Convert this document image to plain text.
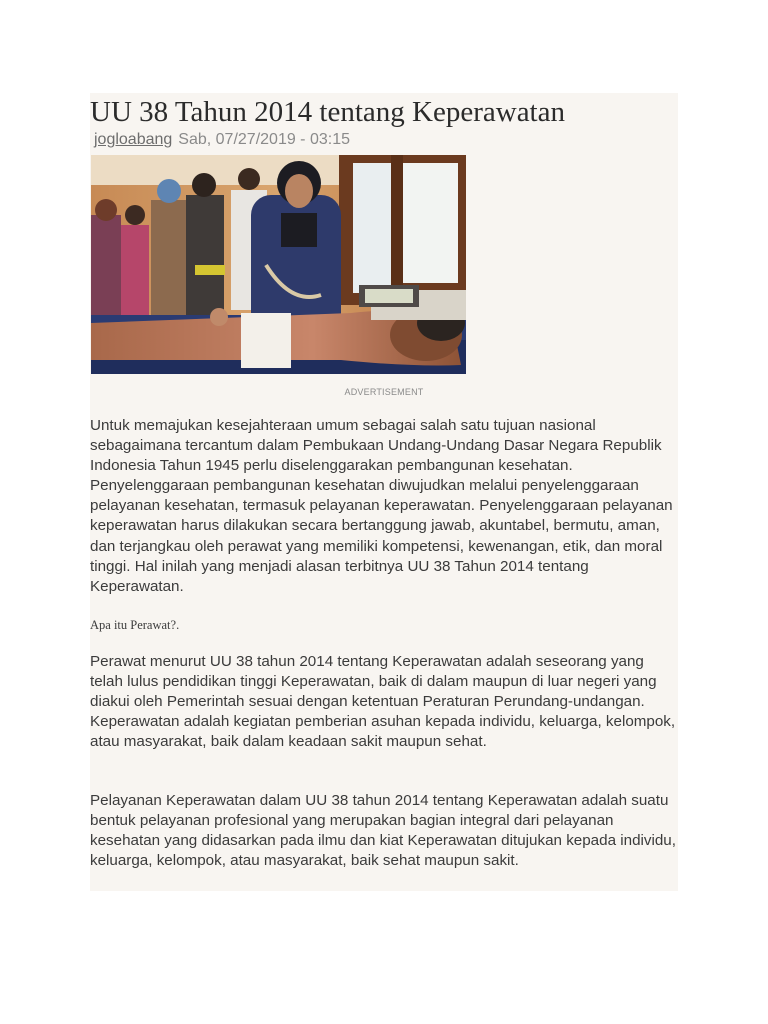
UU 38 Tahun 2014 tentang Keperawatan
jogloabang Sab, 07/27/2019 - 03:15
ADVERTISEMENT

Untuk memajukan kesejahteraan umum sebagai salah satu tujuan nasional sebagaimana tercantum dalam Pembukaan Undang-Undang Dasar Negara Republik Indonesia Tahun 1945 perlu diselenggarakan pembangunan kesehatan. Penyelenggaraan pembangunan kesehatan diwujudkan melalui penyelenggaraan pelayanan kesehatan, termasuk pelayanan keperawatan. Penyelenggaraan pelayanan keperawatan harus dilakukan secara bertanggung jawab, akuntabel, bermutu, aman, dan terjangkau oleh perawat yang memiliki kompetensi, kewenangan, etik, dan moral tinggi. Hal inilah yang menjadi alasan terbitnya UU 38 Tahun 2014 tentang Keperawatan.

Apa itu Perawat?.

Perawat menurut UU 38 tahun 2014 tentang Keperawatan adalah seseorang yang telah lulus pendidikan tinggi Keperawatan, baik di dalam maupun di luar negeri yang diakui oleh Pemerintah sesuai dengan ketentuan Peraturan Perundang-undangan. Keperawatan adalah kegiatan pemberian asuhan kepada individu, keluarga, kelompok, atau masyarakat, baik dalam keadaan sakit maupun sehat.

Pelayanan Keperawatan dalam UU 38 tahun 2014 tentang Keperawatan adalah suatu bentuk pelayanan profesional yang merupakan bagian integral dari pelayanan kesehatan yang didasarkan pada ilmu dan kiat Keperawatan ditujukan kepada individu, keluarga, kelompok, atau masyarakat, baik sehat maupun sakit.
